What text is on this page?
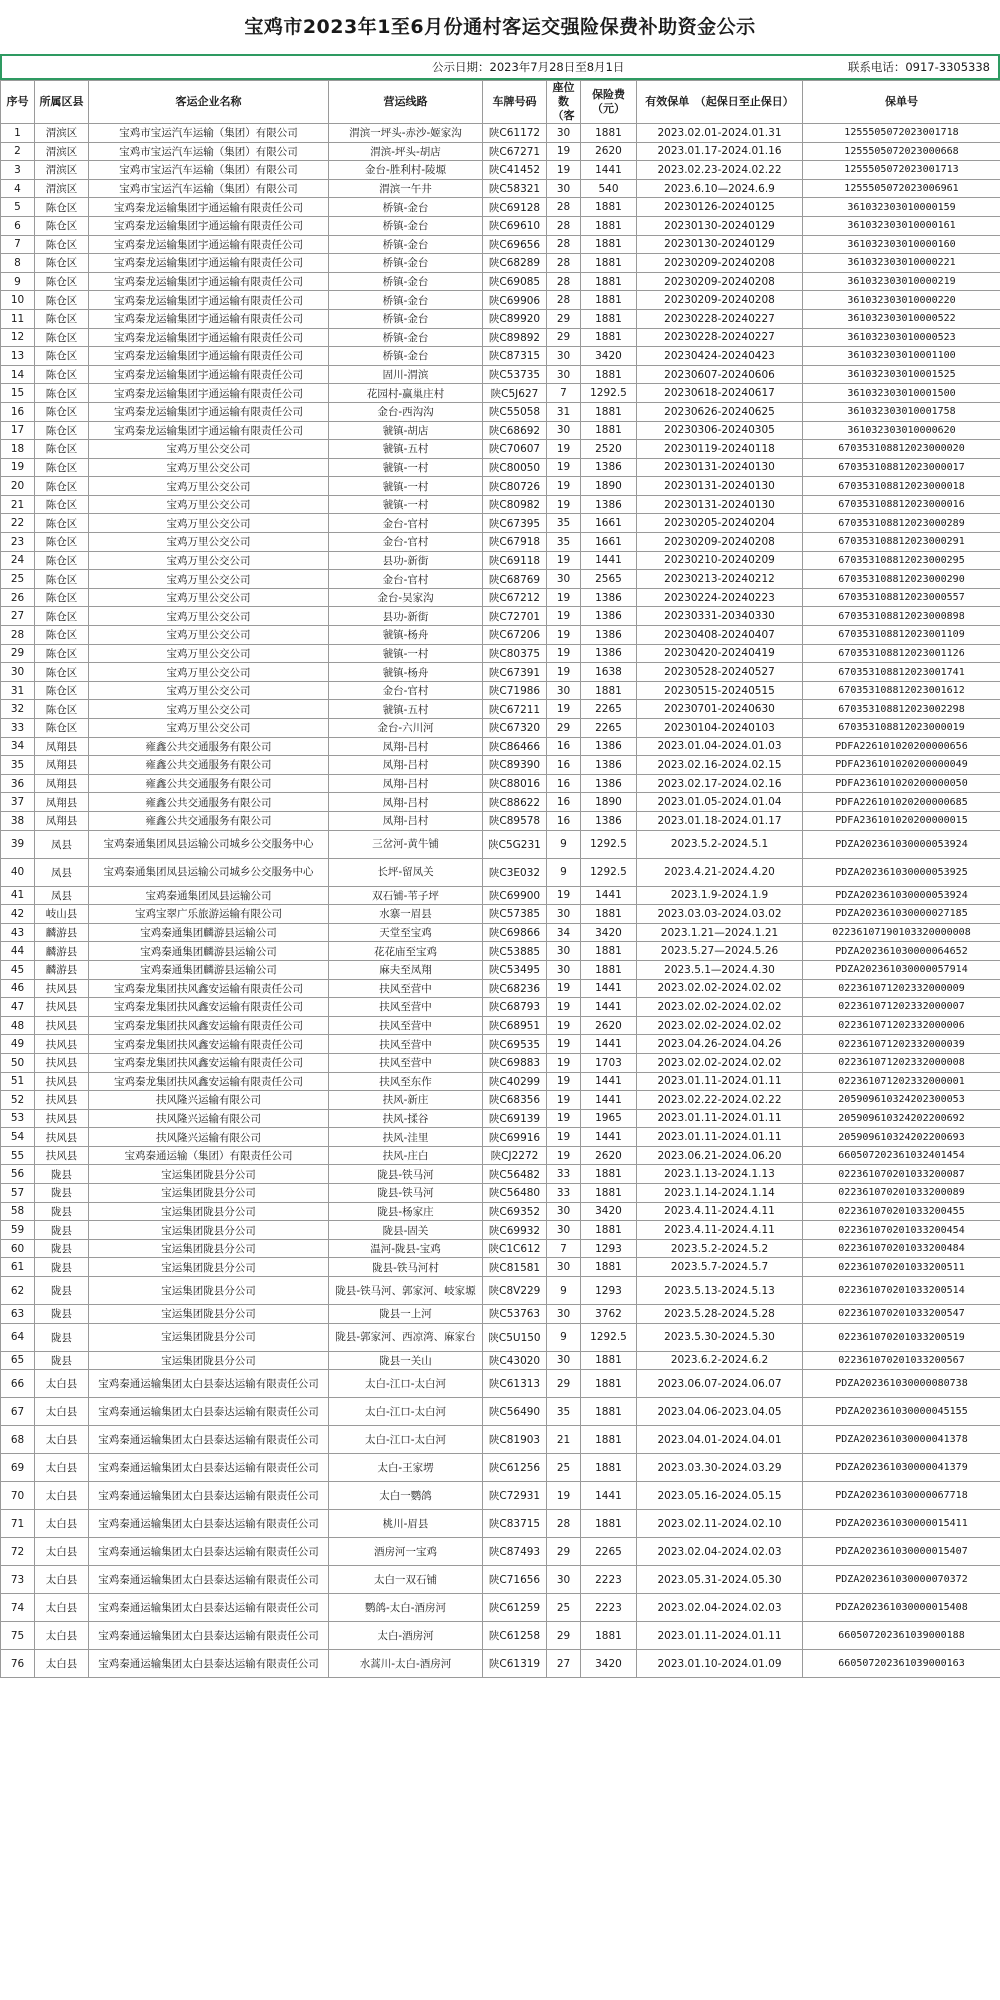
宝鸡市2023年1至6月份通村客运交强险保费补助资金公示
公示日期：2023年7月28日至8月1日	联系电话：0917-3305338
序号	所属区县	客运企业名称	营运线路	车牌号码	座位数（客	保险费（元）	有效保单　（起保日至止保日）	保单号
1	渭滨区	宝鸡市宝运汽车运输（集团）有限公司	渭滨一坪头-赤沙-姬家沟	陕C61172	30	1881	2023.02.01-2024.01.31	1255505072023001718
2	渭滨区	宝鸡市宝运汽车运输（集团）有限公司	渭滨-坪头-胡店	陕C67271	19	2620	2023.01.17-2024.01.16	1255505072023000668
3	渭滨区	宝鸡市宝运汽车运输（集团）有限公司	金台-胜利村-陵塬	陕C41452	19	1441	2023.02.23-2024.02.22	1255505072023001713
4	渭滨区	宝鸡市宝运汽车运输（集团）有限公司	渭滨一午井	陕C58321	30	540	2023.6.10—2024.6.9	1255505072023006961
5	陈仓区	宝鸡秦龙运输集团宇通运输有限责任公司	桥镇-金台	陕C69128	28	1881	20230126-20240125	361032303010000159
6	陈仓区	宝鸡秦龙运输集团宇通运输有限责任公司	桥镇-金台	陕C69610	28	1881	20230130-20240129	361032303010000161
7	陈仓区	宝鸡秦龙运输集团宇通运输有限责任公司	桥镇-金台	陕C69656	28	1881	20230130-20240129	361032303010000160
8	陈仓区	宝鸡秦龙运输集团宇通运输有限责任公司	桥镇-金台	陕C68289	28	1881	20230209-20240208	361032303010000221
9	陈仓区	宝鸡秦龙运输集团宇通运输有限责任公司	桥镇-金台	陕C69085	28	1881	20230209-20240208	361032303010000219
10	陈仓区	宝鸡秦龙运输集团宇通运输有限责任公司	桥镇-金台	陕C69906	28	1881	20230209-20240208	361032303010000220
11	陈仓区	宝鸡秦龙运输集团宇通运输有限责任公司	桥镇-金台	陕C89920	29	1881	20230228-20240227	361032303010000522
12	陈仓区	宝鸡秦龙运输集团宇通运输有限责任公司	桥镇-金台	陕C89892	29	1881	20230228-20240227	361032303010000523
13	陈仓区	宝鸡秦龙运输集团宇通运输有限责任公司	桥镇-金台	陕C87315	30	3420	20230424-20240423	361032303010001100
14	陈仓区	宝鸡秦龙运输集团宇通运输有限责任公司	固川-渭滨	陕C53735	30	1881	20230607-20240606	361032303010001525
15	陈仓区	宝鸡秦龙运输集团宇通运输有限责任公司	花园村-赢巢庄村	陕C5J627	7	1292.5	20230618-20240617	361032303010001500
16	陈仓区	宝鸡秦龙运输集团宇通运输有限责任公司	金台-西沟沟	陕C55058	31	1881	20230626-20240625	361032303010001758
17	陈仓区	宝鸡秦龙运输集团宇通运输有限责任公司	虢镇-胡店	陕C68692	30	1881	20230306-20240305	361032303010000620
18	陈仓区	宝鸡万里公交公司	虢镇-五村	陕C70607	19	2520	20230119-20240118	670353108812023000020
19	陈仓区	宝鸡万里公交公司	虢镇-一村	陕C80050	19	1386	20230131-20240130	670353108812023000017
20	陈仓区	宝鸡万里公交公司	虢镇-一村	陕C80726	19	1890	20230131-20240130	670353108812023000018
21	陈仓区	宝鸡万里公交公司	虢镇-一村	陕C80982	19	1386	20230131-20240130	670353108812023000016
22	陈仓区	宝鸡万里公交公司	金台-官村	陕C67395	35	1661	20230205-20240204	670353108812023000289
23	陈仓区	宝鸡万里公交公司	金台-官村	陕C67918	35	1661	20230209-20240208	670353108812023000291
24	陈仓区	宝鸡万里公交公司	县功-新街	陕C69118	19	1441	20230210-20240209	670353108812023000295
25	陈仓区	宝鸡万里公交公司	金台-官村	陕C68769	30	2565	20230213-20240212	670353108812023000290
26	陈仓区	宝鸡万里公交公司	金台-吴家沟	陕C67212	19	1386	20230224-20240223	670353108812023000557
27	陈仓区	宝鸡万里公交公司	县功-新街	陕C72701	19	1386	20230331-20340330	670353108812023000898
28	陈仓区	宝鸡万里公交公司	虢镇-杨舟	陕C67206	19	1386	20230408-20240407	670353108812023001109
29	陈仓区	宝鸡万里公交公司	虢镇-一村	陕C80375	19	1386	20230420-20240419	670353108812023001126
30	陈仓区	宝鸡万里公交公司	虢镇-杨舟	陕C67391	19	1638	20230528-20240527	670353108812023001741
31	陈仓区	宝鸡万里公交公司	金台-官村	陕C71986	30	1881	20230515-20240515	670353108812023001612
32	陈仓区	宝鸡万里公交公司	虢镇-五村	陕C67211	19	2265	20230701-20240630	670353108812023002298
33	陈仓区	宝鸡万里公交公司	金台-六川河	陕C67320	29	2265	20230104-20240103	670353108812023000019
34	凤翔县	雍鑫公共交通服务有限公司	凤翔-吕村	陕C86466	16	1386	2023.01.04-2024.01.03	PDFA226101020200000656
35	凤翔县	雍鑫公共交通服务有限公司	凤翔-吕村	陕C89390	16	1386	2023.02.16-2024.02.15	PDFA236101020200000049
36	凤翔县	雍鑫公共交通服务有限公司	凤翔-吕村	陕C88016	16	1386	2023.02.17-2024.02.16	PDFA236101020200000050
37	凤翔县	雍鑫公共交通服务有限公司	凤翔-吕村	陕C88622	16	1890	2023.01.05-2024.01.04	PDFA226101020200000685
38	凤翔县	雍鑫公共交通服务有限公司	凤翔-吕村	陕C89578	16	1386	2023.01.18-2024.01.17	PDFA236101020200000015
39	凤县	宝鸡秦通集团凤县运输公司城乡公交服务中心	三岔河-黄牛铺	陕C5G231	9	1292.5	2023.5.2-2024.5.1	PDZA202361030000053924
40	凤县	宝鸡秦通集团凤县运输公司城乡公交服务中心	长坪-留凤关	陕C3E032	9	1292.5	2023.4.21-2024.4.20	PDZA202361030000053925
41	凤县	宝鸡秦通集团凤县运输公司	双石铺-苇子坪	陕C69900	19	1441	2023.1.9-2024.1.9	PDZA202361030000053924
42	岐山县	宝鸡宝翠广乐旅游运输有限公司	水寨一眉县	陕C57385	30	1881	2023.03.03-2024.03.02	PDZA202361030000027185
43	麟游县	宝鸡秦通集团麟游县运输公司	天堂至宝鸡	陕C69866	34	3420	2023.1.21—2024.1.21	02236107190103320000008
44	麟游县	宝鸡秦通集团麟游县运输公司	花花庙至宝鸡	陕C53885	30	1881	2023.5.27—2024.5.26	PDZA202361030000064652
45	麟游县	宝鸡秦通集团麟游县运输公司	麻夫至凤翔	陕C53495	30	1881	2023.5.1—2024.4.30	PDZA202361030000057914
46	扶风县	宝鸡秦龙集团扶风鑫安运输有限责任公司	扶风至营中	陕C68236	19	1441	2023.02.02-2024.02.02	022361071202332000009
47	扶风县	宝鸡秦龙集团扶风鑫安运输有限责任公司	扶风至营中	陕C68793	19	1441	2023.02.02-2024.02.02	022361071202332000007
48	扶风县	宝鸡秦龙集团扶风鑫安运输有限责任公司	扶风至营中	陕C68951	19	2620	2023.02.02-2024.02.02	022361071202332000006
49	扶风县	宝鸡秦龙集团扶风鑫安运输有限责任公司	扶风至营中	陕C69535	19	1441	2023.04.26-2024.04.26	022361071202332000039
50	扶风县	宝鸡秦龙集团扶风鑫安运输有限责任公司	扶风至营中	陕C69883	19	1703	2023.02.02-2024.02.02	022361071202332000008
51	扶风县	宝鸡秦龙集团扶风鑫安运输有限责任公司	扶风至东作	陕C40299	19	1441	2023.01.11-2024.01.11	022361071202332000001
52	扶风县	扶风隆兴运输有限公司	扶风-新庄	陕C68356	19	1441	2023.02.22-2024.02.22	205909610324202300053
53	扶风县	扶风隆兴运输有限公司	扶风-揉谷	陕C69139	19	1965	2023.01.11-2024.01.11	205909610324202200692
54	扶风县	扶风隆兴运输有限公司	扶风-洼里	陕C69916	19	1441	2023.01.11-2024.01.11	205909610324202200693
55	扶风县	宝鸡秦通运输（集团）有限责任公司	扶风-庄白	陕CJ2272	19	2620	2023.06.21-2024.06.20	660507202361032401454
56	陇县	宝运集团陇县分公司	陇县-铁马河	陕C56482	33	1881	2023.1.13-2024.1.13	022361070201033200087
57	陇县	宝运集团陇县分公司	陇县-铁马河	陕C56480	33	1881	2023.1.14-2024.1.14	022361070201033200089
58	陇县	宝运集团陇县分公司	陇县-杨家庄	陕C69352	30	3420	2023.4.11-2024.4.11	022361070201033200455
59	陇县	宝运集团陇县分公司	陇县-固关	陕C69932	30	1881	2023.4.11-2024.4.11	022361070201033200454
60	陇县	宝运集团陇县分公司	温河-陇县-宝鸡	陕C1C612	7	1293	2023.5.2-2024.5.2	022361070201033200484
61	陇县	宝运集团陇县分公司	陇县-铁马河村	陕C81581	30	1881	2023.5.7-2024.5.7	022361070201033200511
62	陇县	宝运集团陇县分公司	陇县-铁马河、郭家河、岐家塬	陕C8V229	9	1293	2023.5.13-2024.5.13	022361070201033200514
63	陇县	宝运集团陇县分公司	陇县一上河	陕C53763	30	3762	2023.5.28-2024.5.28	022361070201033200547
64	陇县	宝运集团陇县分公司	陇县-郭家河、西凉湾、麻家台	陕C5U150	9	1292.5	2023.5.30-2024.5.30	022361070201033200519
65	陇县	宝运集团陇县分公司	陇县一关山	陕C43020	30	1881	2023.6.2-2024.6.2	022361070201033200567
66	太白县	宝鸡秦通运输集团太白县泰达运输有限责任公司	太白-江口-太白河	陕C61313	29	1881	2023.06.07-2024.06.07	PDZA202361030000080738
67	太白县	宝鸡秦通运输集团太白县泰达运输有限责任公司	太白-江口-太白河	陕C56490	35	1881	2023.04.06-2023.04.05	PDZA202361030000045155
68	太白县	宝鸡秦通运输集团太白县泰达运输有限责任公司	太白-江口-太白河	陕C81903	21	1881	2023.04.01-2024.04.01	PDZA202361030000041378
69	太白县	宝鸡秦通运输集团太白县泰达运输有限责任公司	太白-王家塄	陕C61256	25	1881	2023.03.30-2024.03.29	PDZA202361030000041379
70	太白县	宝鸡秦通运输集团太白县泰达运输有限责任公司	太白一鹦鸽	陕C72931	19	1441	2023.05.16-2024.05.15	PDZA202361030000067718
71	太白县	宝鸡秦通运输集团太白县泰达运输有限责任公司	桃川-眉县	陕C83715	28	1881	2023.02.11-2024.02.10	PDZA202361030000015411
72	太白县	宝鸡秦通运输集团太白县泰达运输有限责任公司	酒房河一宝鸡	陕C87493	29	2265	2023.02.04-2024.02.03	PDZA202361030000015407
73	太白县	宝鸡秦通运输集团太白县泰达运输有限责任公司	太白一双石铺	陕C71656	30	2223	2023.05.31-2024.05.30	PDZA202361030000070372
74	太白县	宝鸡秦通运输集团太白县泰达运输有限责任公司	鹦鸽-太白-酒房河	陕C61259	25	2223	2023.02.04-2024.02.03	PDZA202361030000015408
75	太白县	宝鸡秦通运输集团太白县泰达运输有限责任公司	太白-酒房河	陕C61258	29	1881	2023.01.11-2024.01.11	660507202361039000188
76	太白县	宝鸡秦通运输集团太白县泰达运输有限责任公司	水蒿川-太白-酒房河	陕C61319	27	3420	2023.01.10-2024.01.09	660507202361039000163
